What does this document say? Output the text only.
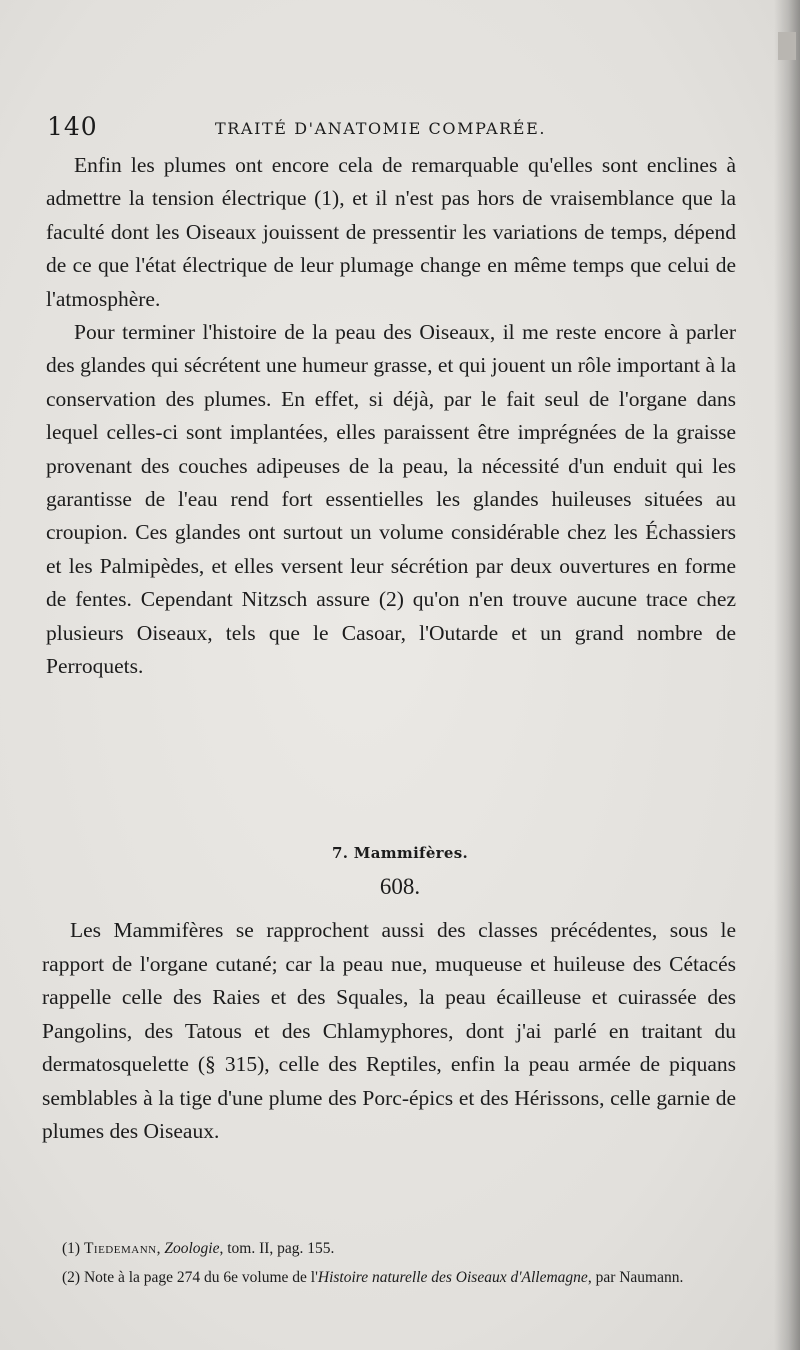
140	TRAITÉ D'ANATOMIE COMPARÉE.

Enfin les plumes ont encore cela de remarquable qu'elles sont enclines à admettre la tension électrique (1), et il n'est pas hors de vraisemblance que la faculté dont les Oiseaux jouissent de pressentir les variations de temps, dépend de ce que l'état électrique de leur plumage change en même temps que celui de l'atmosphère.

Pour terminer l'histoire de la peau des Oiseaux, il me reste encore à parler des glandes qui sécrétent une humeur grasse, et qui jouent un rôle important à la conservation des plumes. En effet, si déjà, par le fait seul de l'organe dans lequel celles-ci sont implantées, elles paraissent être imprégnées de la graisse provenant des couches adipeuses de la peau, la nécessité d'un enduit qui les garantisse de l'eau rend fort essentielles les glandes huileuses situées au croupion. Ces glandes ont surtout un volume considérable chez les Échassiers et les Palmipèdes, et elles versent leur sécrétion par deux ouvertures en forme de fentes. Cependant Nitzsch assure (2) qu'on n'en trouve aucune trace chez plusieurs Oiseaux, tels que le Casoar, l'Outarde et un grand nombre de Perroquets.

7. Mammifères.
608.

Les Mammifères se rapprochent aussi des classes précédentes, sous le rapport de l'organe cutané; car la peau nue, muqueuse et huileuse des Cétacés rappelle celle des Raies et des Squales, la peau écailleuse et cuirassée des Pangolins, des Tatous et des Chlamyphores, dont j'ai parlé en traitant du dermatosquelette (§ 315), celle des Reptiles, enfin la peau armée de piquans semblables à la tige d'une plume des Porc-épics et des Hérissons, celle garnie de plumes des Oiseaux.

(1) Tiedemann, Zoologie, tom. II, pag. 155.

(2) Note à la page 274 du 6e volume de l'Histoire naturelle des Oiseaux d'Allemagne, par Naumann.
